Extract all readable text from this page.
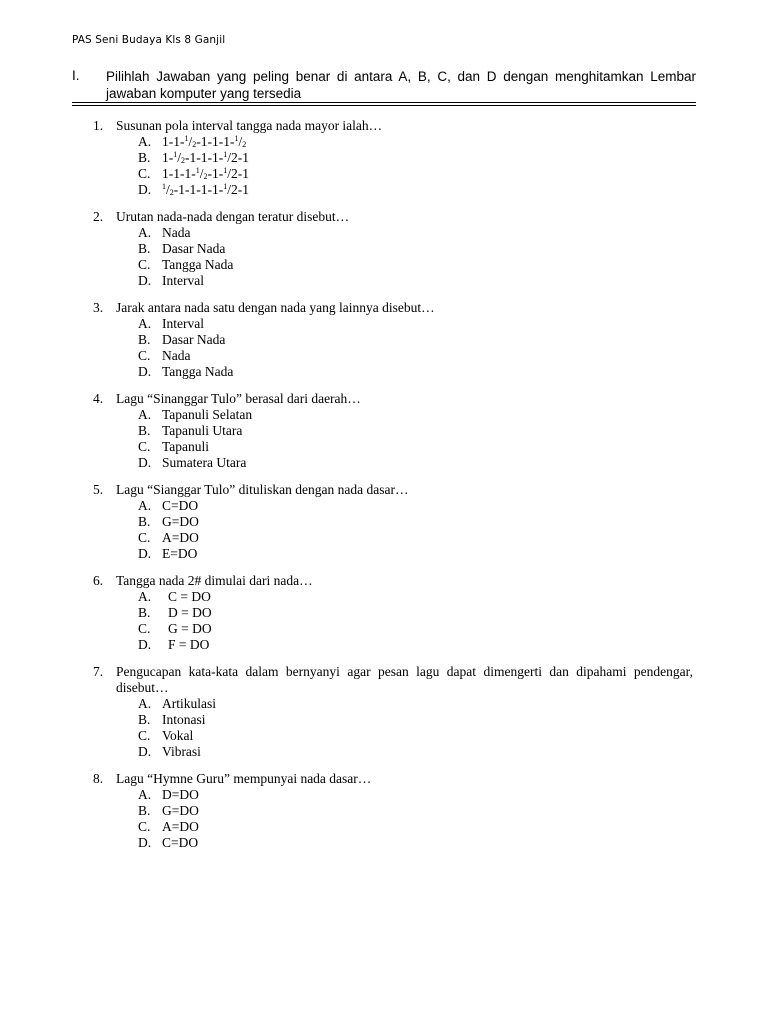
PAS Seni Budaya Kls 8 Ganjil
I. Pilihlah Jawaban yang peling benar di antara A, B, C, dan D dengan menghitamkan Lembar jawaban komputer yang tersedia
1. Susunan pola interval tangga nada mayor ialah…
A. $1-1-^1/_2-1-1-1-^1/_2$
B. $1-^1/_2-1-1-1-^1/2-1$
C. $1-1-1-^1/_2-1-^1/2-1$
D.	$^1/_2-1-1-1-1-^1/2-1$
2. Urutan nada-nada dengan teratur disebut…
A. Nada
B. Dasar Nada
C. Tangga Nada
D. Interval
3. Jarak antara nada satu dengan nada yang lainnya disebut…
A. Interval
B. Dasar Nada
C. Nada
D. Tangga Nada
4. Lagu “Sinanggar Tulo” berasal dari daerah…
A. Tapanuli Selatan
B. Tapanuli Utara
C. Tapanuli
D. Sumatera Utara
5. Lagu “Sianggar Tulo” dituliskan dengan nada dasar…
A. C=DO
B. G=DO
C. A=DO
D. E=DO
6. Tangga nada 2# dimulai dari nada…
A.	C = DO
B.	D = DO
C.	G = DO
D.	F = DO
7. Pengucapan kata-kata dalam bernyanyi agar pesan lagu dapat dimengerti dan dipahami pendengar, disebut…
A. Artikulasi
B. Intonasi
C. Vokal
D. Vibrasi
8. Lagu “Hymne Guru” mempunyai nada dasar…
A. D=DO
B. G=DO
C. A=DO
D. C=DO
